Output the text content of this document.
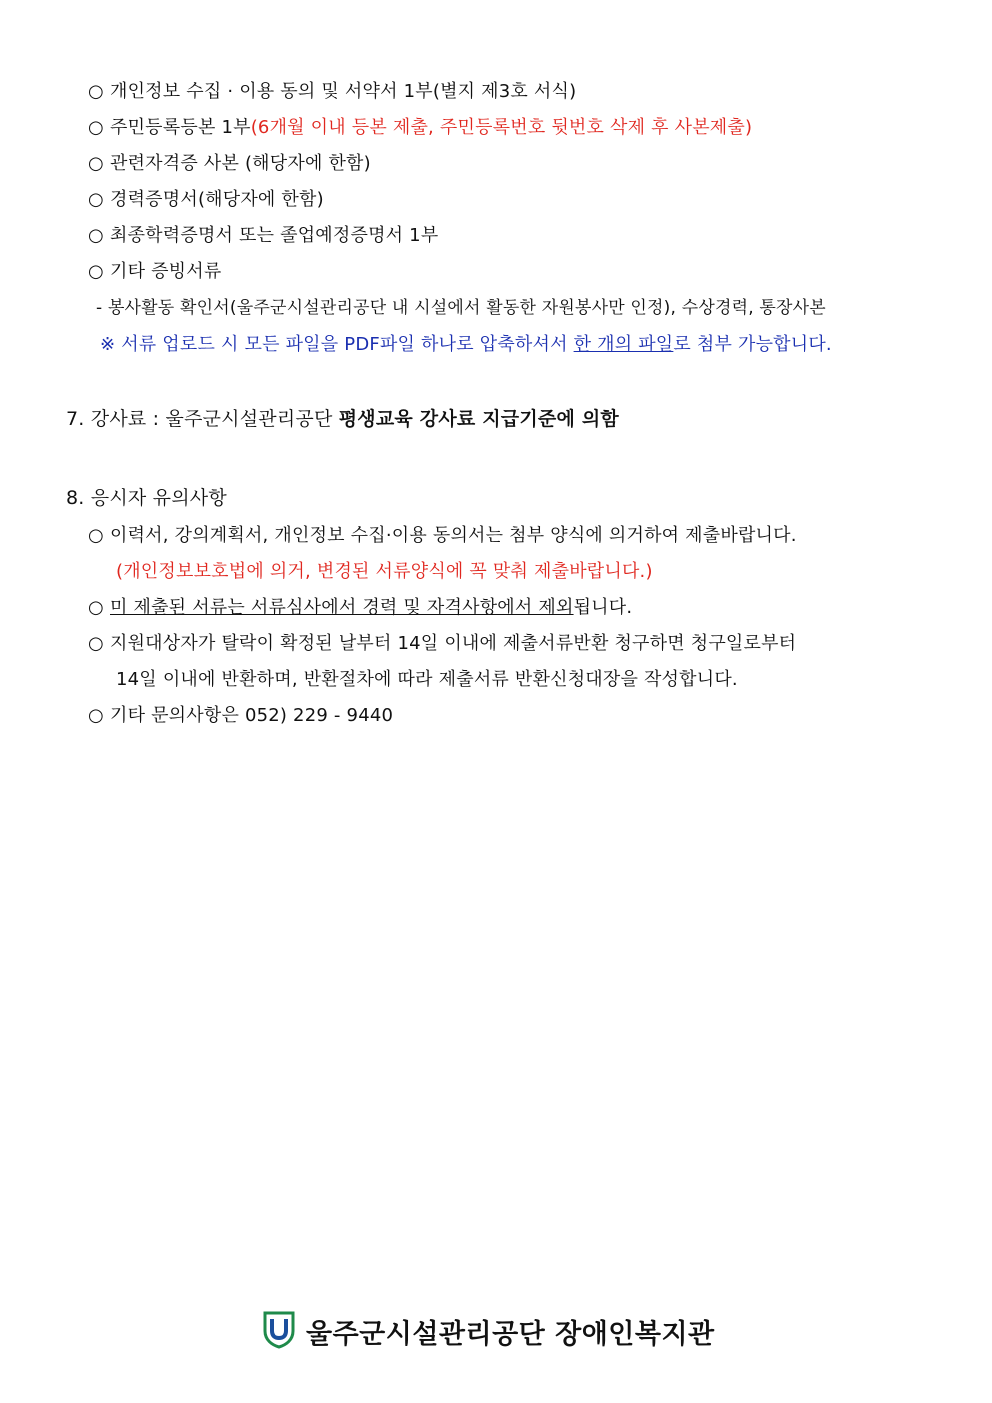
○ 개인정보 수집 · 이용 동의 및 서약서 1부(별지 제3호 서식)
○ 주민등록등본 1부(6개월 이내 등본 제출, 주민등록번호 뒷번호 삭제 후 사본제출)
○ 관련자격증 사본 (해당자에 한함)
○ 경력증명서(해당자에 한함)
○ 최종학력증명서 또는 졸업예정증명서 1부
○ 기타 증빙서류
- 봉사활동 확인서(울주군시설관리공단 내 시설에서 활동한 자원봉사만 인정), 수상경력, 통장사본
※ 서류 업로드 시 모든 파일을 PDF파일 하나로 압축하셔서 한 개의 파일로 첨부 가능합니다.
7. 강사료 : 울주군시설관리공단 평생교육 강사료 지급기준에 의함
8. 응시자 유의사항
○ 이력서, 강의계획서, 개인정보 수집·이용 동의서는 첨부 양식에 의거하여 제출바랍니다.
(개인정보보호법에 의거, 변경된 서류양식에 꼭 맞춰 제출바랍니다.)
○ 미 제출된 서류는 서류심사에서 경력 및 자격사항에서 제외됩니다.
○ 지원대상자가 탈락이 확정된 날부터 14일 이내에 제출서류반환 청구하면 청구일로부터
14일 이내에 반환하며, 반환절차에 따라 제출서류 반환신청대장을 작성합니다.
○ 기타 문의사항은 052) 229 - 9440
울주군시설관리공단 장애인복지관
